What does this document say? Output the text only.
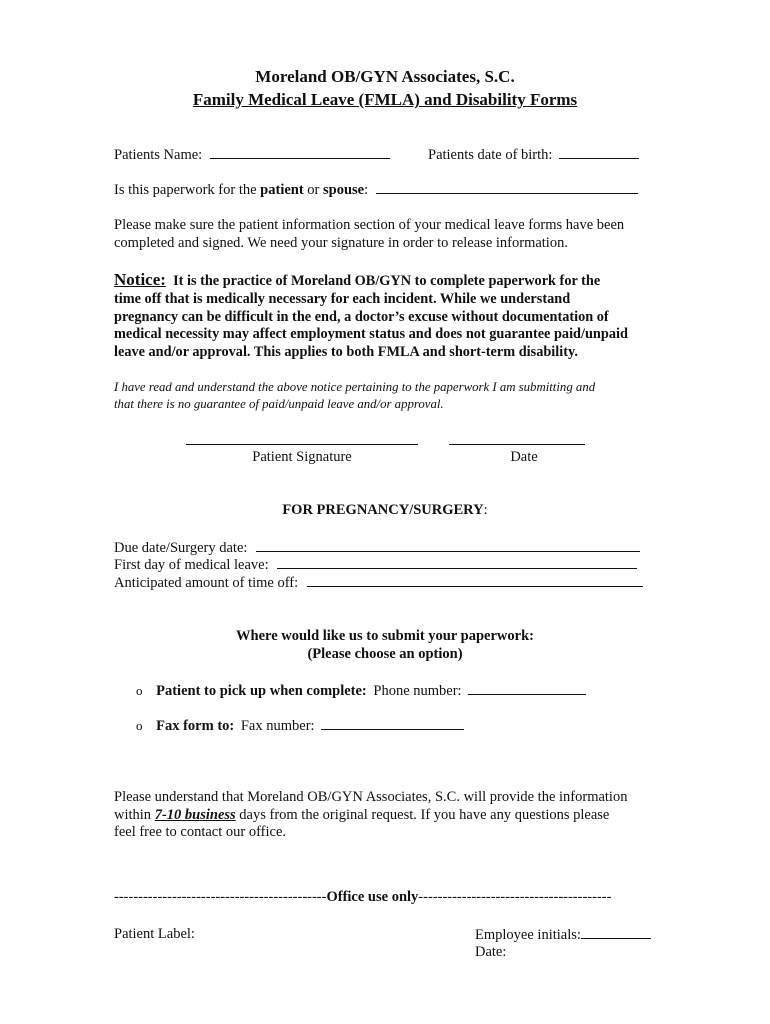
Moreland OB/GYN Associates, S.C.
Family Medical Leave (FMLA) and Disability Forms
Patients Name:	Patients date of birth:
Is this paperwork for the patient or spouse:
Please make sure the patient information section of your medical leave forms have been
completed and signed. We need your signature in order to release information.
Notice: It is the practice of Moreland OB/GYN to complete paperwork for the
time off that is medically necessary for each incident. While we understand
pregnancy can be difficult in the end, a doctor’s excuse without documentation of
medical necessity may affect employment status and does not guarantee paid/unpaid
leave and/or approval. This applies to both FMLA and short-term disability.
I have read and understand the above notice pertaining to the paperwork I am submitting and
that there is no guarantee of paid/unpaid leave and/or approval.
Patient Signature	Date
FOR PREGNANCY/SURGERY:
Due date/Surgery date:
First day of medical leave:
Anticipated amount of time off:
Where would like us to submit your paperwork:
(Please choose an option)
o Patient to pick up when complete: Phone number:
o Fax form to: Fax number:
Please understand that Moreland OB/GYN Associates, S.C. will provide the information
within 7-10 business days from the original request. If you have any questions please
feel free to contact our office.
--------------------------------------------Office use only----------------------------------------
Patient Label:	Employee initials:
Date:
